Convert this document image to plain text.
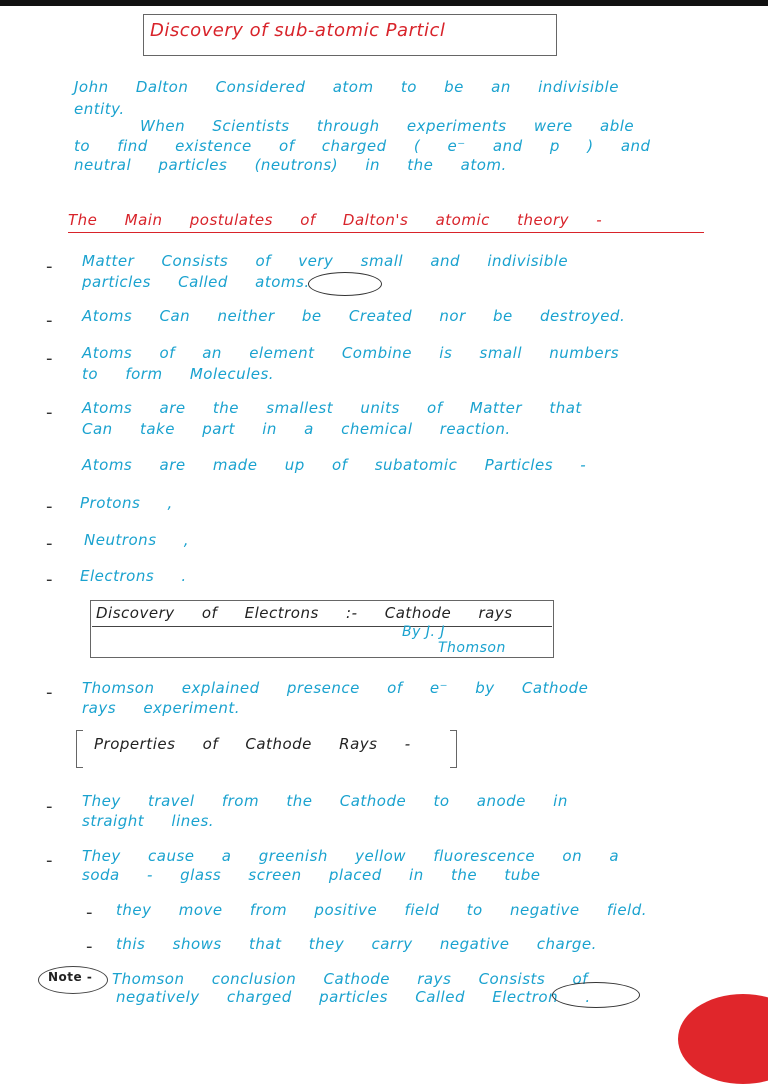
Discovery of sub-atomic Particl
John Dalton Considered atom to be an indivisible
entity.
When Scientists through experiments were able
to find existence of charged ( e⁻ and p ) and
neutral particles (neutrons) in the atom.
The Main postulates of Dalton's atomic theory -
- Matter Consists of very small and indivisible
particles Called atoms.
- Atoms Can neither be Created nor be destroyed.
- Atoms of an element Combine is small numbers
to form Molecules.
- Atoms are the smallest units of Matter that
Can take part in a chemical reaction.
Atoms are made up of subatomic Particles -
- Protons ,
- Neutrons ,
- Electrons .
Discovery of Electrons :- Cathode rays
By J. J
Thomson
- Thomson explained presence of e⁻ by Cathode
rays experiment.
Properties of Cathode Rays -
- They travel from the Cathode to anode in
straight lines.
- They cause a greenish yellow fluorescence on a
soda - glass screen placed in the tube
- they move from positive field to negative field.
- this shows that they carry negative charge.
Note - Thomson conclusion Cathode rays Consists of
negatively charged particles Called Electron .
